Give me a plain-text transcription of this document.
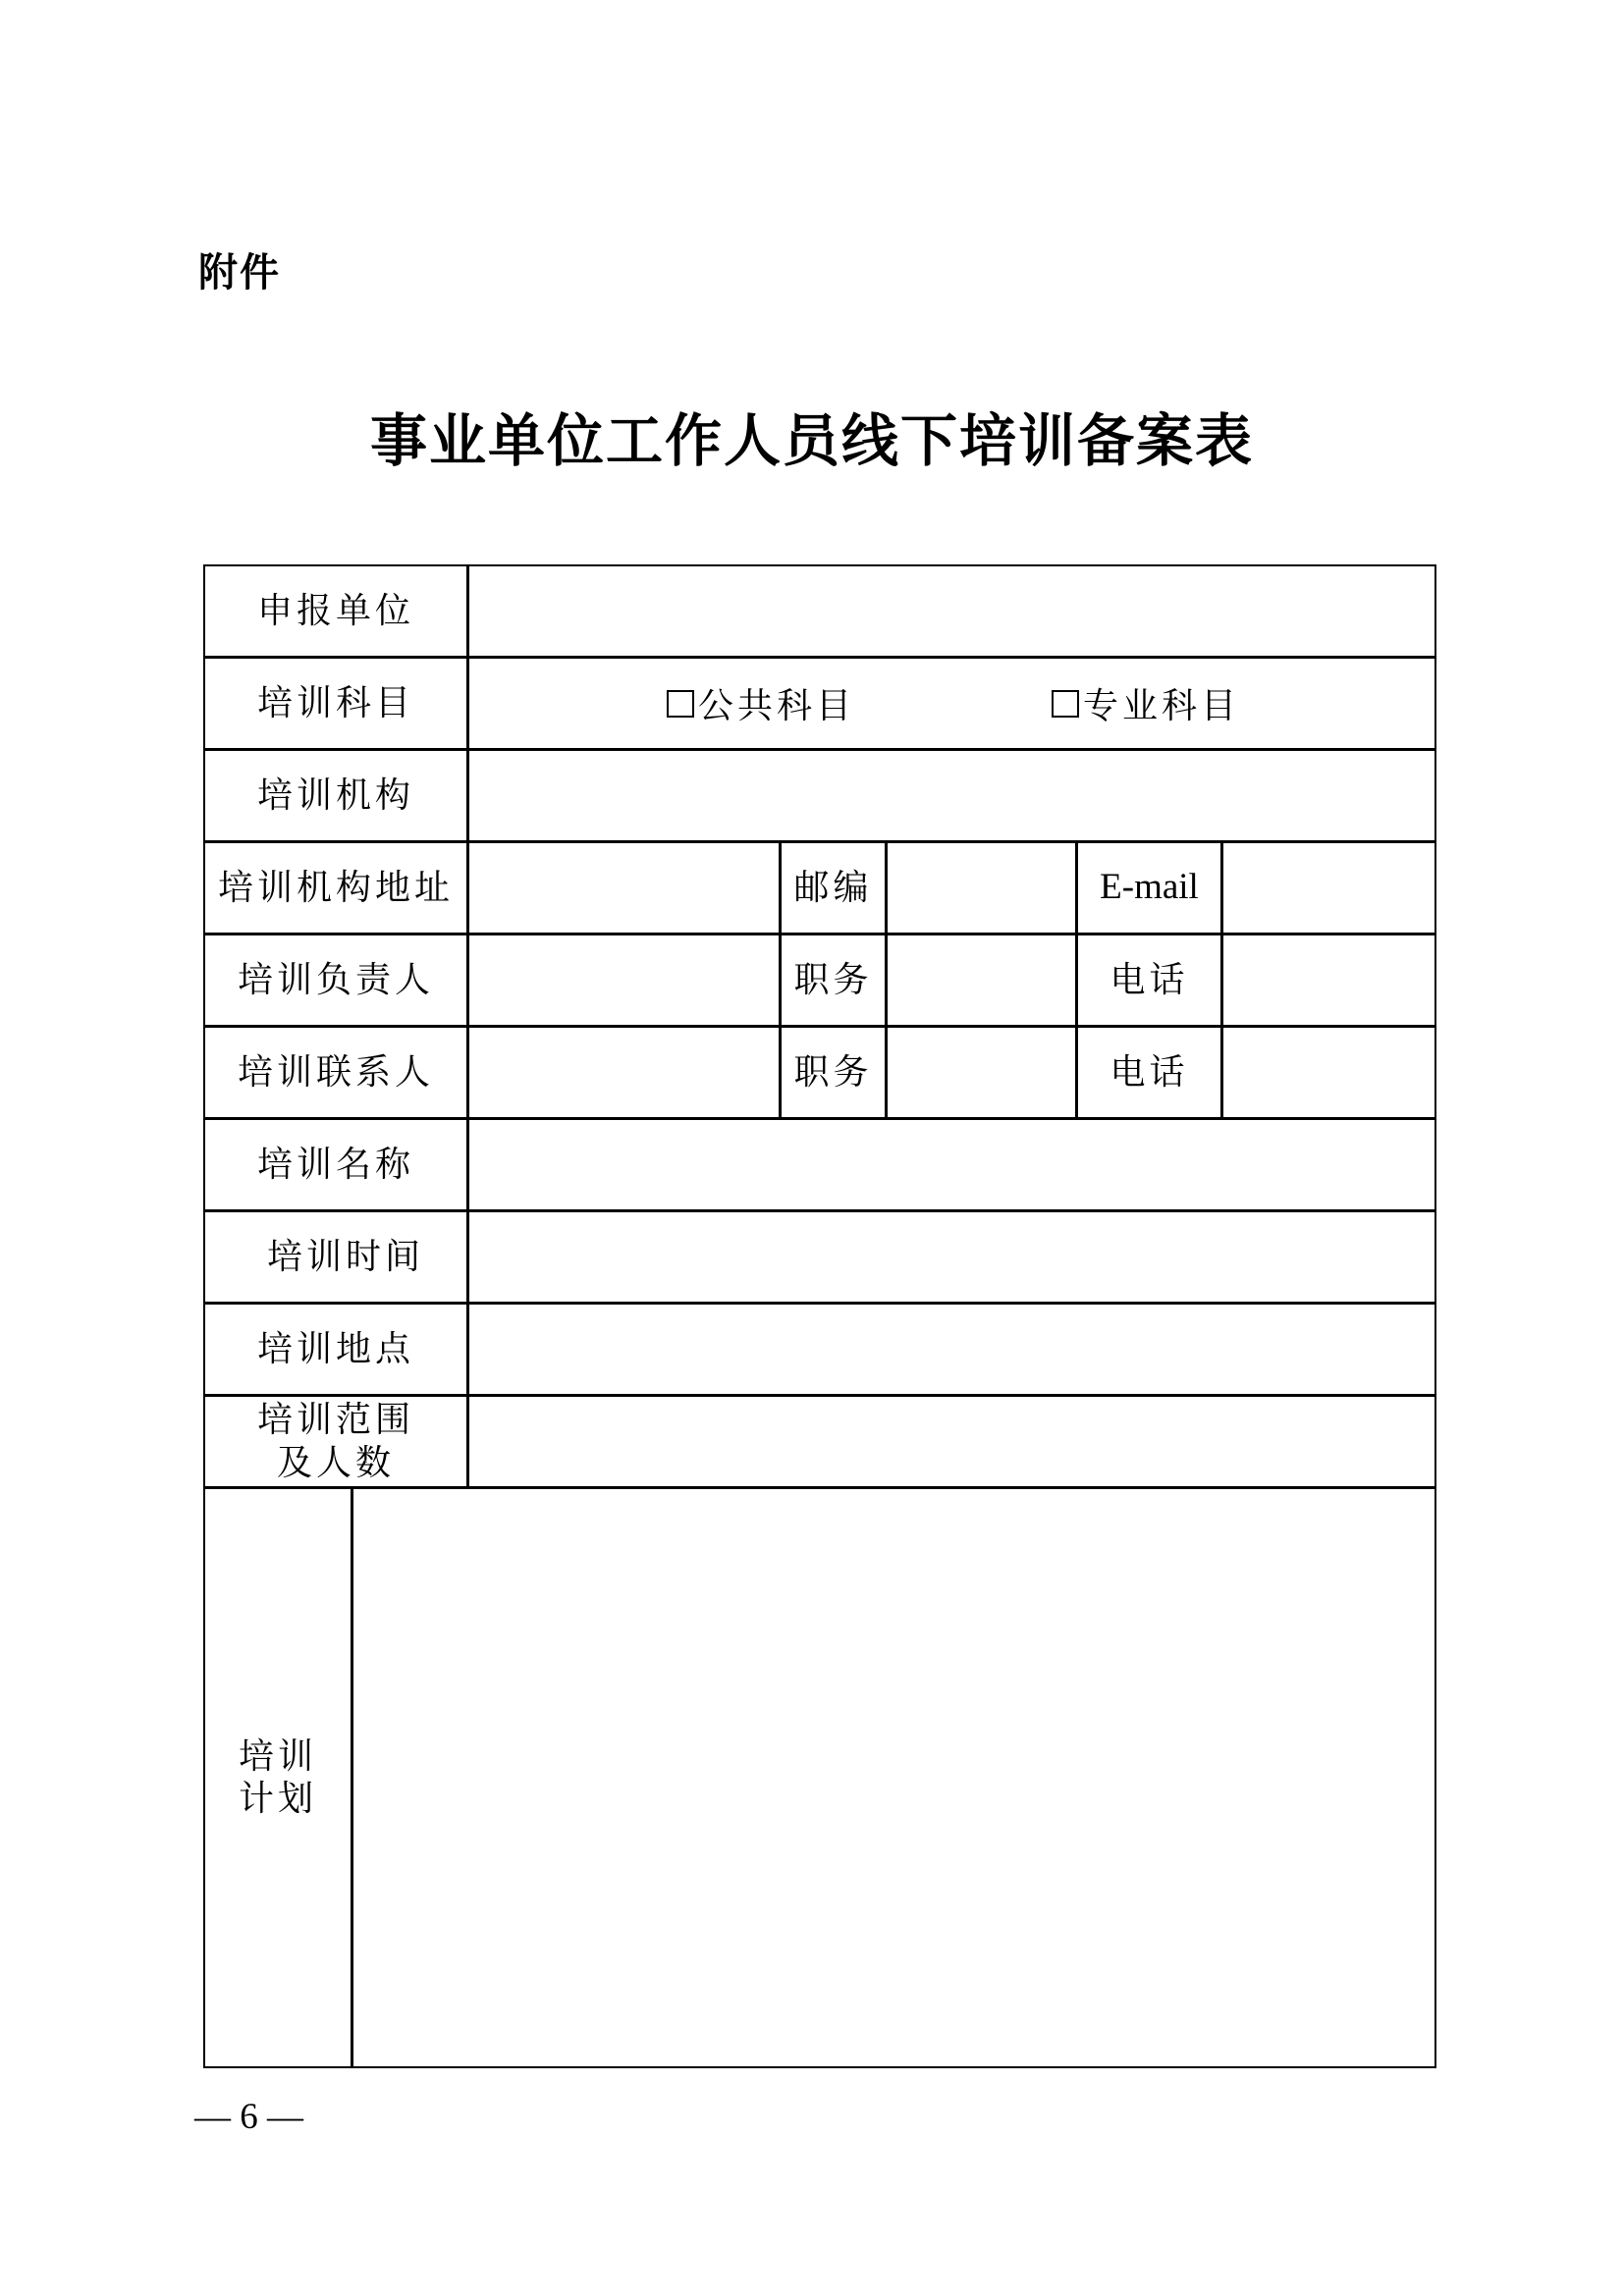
附件
事业单位工作人员线下培训备案表
申报单位
培训科目	公共科目	专业科目
培训机构
培训机构地址	邮编	E-mail
培训负责人	职务	电话
培训联系人	职务	电话
培训名称
培训时间
培训地点
培训范围
及人数
培训
计划
— 6 —
